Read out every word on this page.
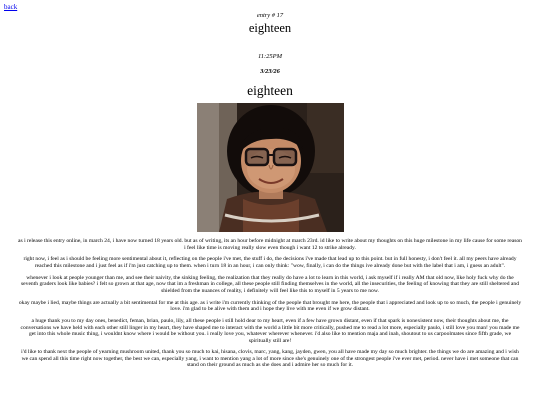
back
entry # 17
eighteen
11:25PM
3/23/26
eighteen

as i release this entry online, in march 24, i have now turned 18 years old. but as of writing, its an hour before midnight at march 23rd. id like to write about my thoughts on this huge milestone in my life cause for some reason i feel like time is moving really slow even though i want 12 to strike already.

right now, i feel as i should be feeling more sentimental about it, reflecting on the people i've met, the stuff i do, the decisions i've made that lead up to this point. but in full honesty, i don't feel it. all my peers have already reached this milestone and i just feel as if i'm just catching up to them. when i turn 18 in an hour, i can only think: "wow, finally, i can do the things ive already done but with the label that i am, i guess an adult".

whenever i look at people younger than me, and see their naivity, the sinking feeling, the realization that they really do have a lot to learn in this world, i ask myself if i really AM that old now, like holy fuck why do the seventh graders look like babies? i felt so grown at that age, now that im a freshman in college, all these people still finding themselves in the world, all the insecurities, the feeling of knowing that they are still sheltered and shielded from the nuances of reality, i definitely will feel like this to myself in 5 years to me now.

okay maybe i lied, maybe things are actually a bit sentimental for me at this age. as i write i'm currently thinking of the people that brought me here, the people that i appreciated and look up to so much, the people i genuinely love. i'm glad to be alive with them and i hope they live with me even if we grow distant.

a huge thank you to my day ones, benedict, feman, brian, paulo, lily, all these people i still hold dear to my heart, even if a few have grown distant, even if that spark is nonexistent now, their thoughts about me, the conversations we have held with each other still linger in my heart, they have shaped me to interact with the world a little bit more critically, pushed me to read a lot more, especially paulo, i still love you man! you made me get into this whole music thing, i wouldnt know where i would be without you. i really love you, whatever wherever whenever. i'd also like to mention maja and inah, shoutout to us carpoolmates since fifth grade, we spiritually still are!

i'd like to thank next the people of yearning mushroom united, thank you so much to kai, hisana, clovis, marc, yang, kang, jayden, gwen, you all have made my day so much brighter. the things we do are amazing and i wish we can spend all this time right now together, the best we can, especially yang, i want to mention yang a lot of more since she's genuinely one of the strongest people i've ever met, period. never have i met someone that can stand on their ground as much as she does and i admire her so much for it.
